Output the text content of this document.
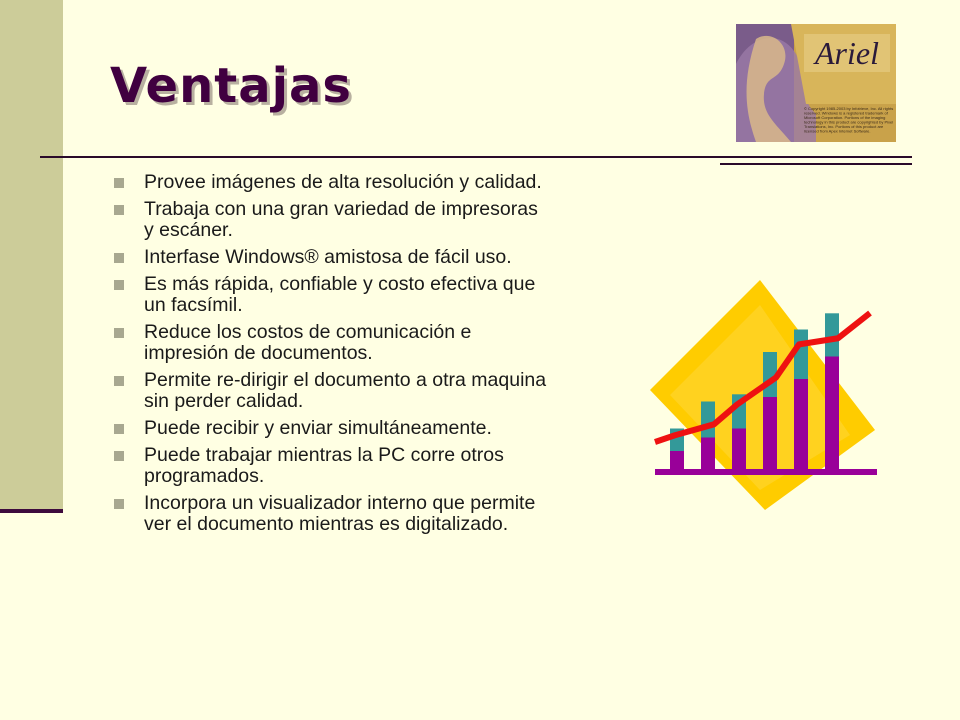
Ventajas
Provee imágenes de alta resolución y calidad.
Trabaja con una gran variedad de impresoras y escáner.
Interfase Windows® amistosa de fácil uso.
Es más rápida, confiable y costo efectiva que un facsímil.
Reduce los costos de comunicación e impresión de documentos.
Permite re-dirigir el documento a otra maquina sin perder calidad.
Puede recibir y enviar simultáneamente.
Puede trabajar mientras la PC corre otros programados.
Incorpora un visualizador interno que permite ver el documento mientras es digitalizado.
Ariel
© Copyright 1985-2003 by Infotrieve, Inc. All rights reserved. Windows is a registered trademark of Microsoft Corporation. Portions of the imaging technology in this product are copyrighted by Pixel Translations, Inc. Portions of this product are licensed from Apex Internet Software.
